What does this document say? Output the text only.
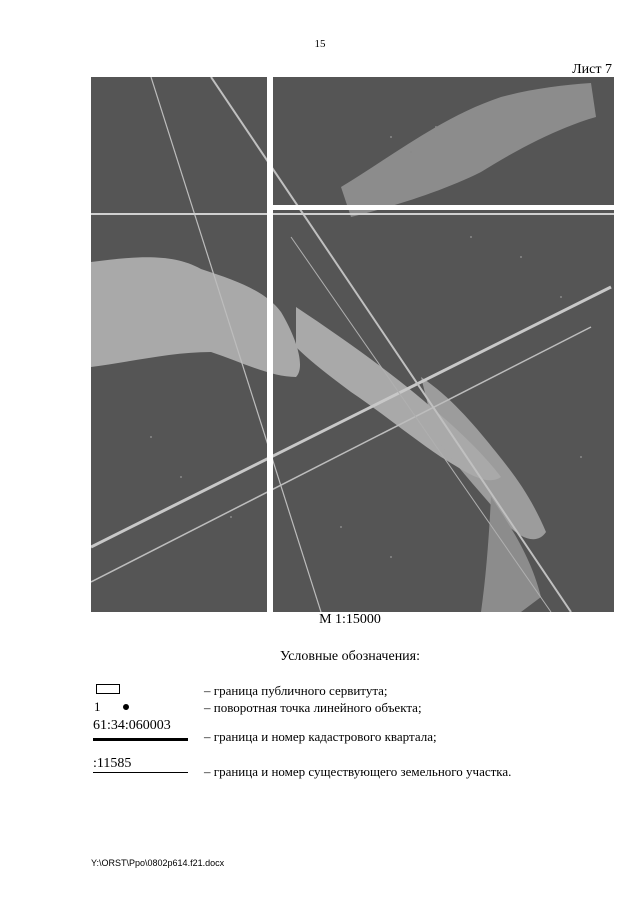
15
Лист 7
М 1:15000
Условные обозначения:
– граница публичного сервитута;
1	– поворотная точка линейного объекта;
61:34:060003
– граница и номер кадастрового квартала;
:11585
– граница и номер существующего земельного участка.
Y:\ORST\Ppo\0802p614.f21.docx
